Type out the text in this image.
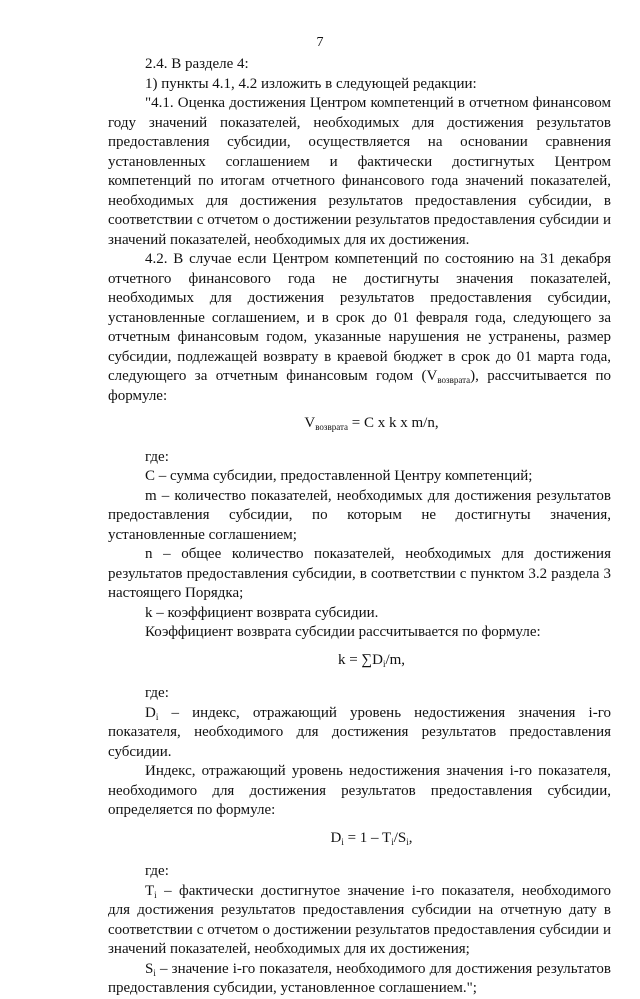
7

2.4. В разделе 4:

1) пункты 4.1, 4.2 изложить в следующей редакции:

"4.1. Оценка достижения Центром компетенций в отчетном финансовом году значений показателей, необходимых для достижения результатов предоставления субсидии, осуществляется на основании сравнения установленных соглашением и фактически достигнутых Центром компетенций по итогам отчетного финансового года значений показателей, необходимых для достижения результатов предоставления субсидии, в соответствии с отчетом о достижении результатов предоставления субсидии и значений показателей, необходимых для их достижения.

4.2. В случае если Центром компетенций по состоянию на 31 декабря отчетного финансового года не достигнуты значения показателей, необходимых для достижения результатов предоставления субсидии, установленные соглашением, и в срок до 01 февраля года, следующего за отчетным финансовым годом, указанные нарушения не устранены, размер субсидии, подлежащей возврату в краевой бюджет в срок до 01 марта года, следующего за отчетным финансовым годом $(V_{возврата})$, рассчитывается по формуле:

$V_{возврата} = C$ x k x m/n,

где:

C – сумма субсидии, предоставленной Центру компетенций;

m – количество показателей, необходимых для достижения результатов предоставления субсидии, по которым не достигнуты значения, установленные соглашением;

n – общее количество показателей, необходимых для достижения результатов предоставления субсидии, в соответствии с пунктом 3.2 раздела 3 настоящего Порядка;

k – коэффициент возврата субсидии.

Коэффициент возврата субсидии рассчитывается по формуле:

$k = \sum D_i/m$,

где:

$D_i$ – индекс, отражающий уровень недостижения значения i-го показателя, необходимого для достижения результатов предоставления субсидии.

Индекс, отражающий уровень недостижения значения i-го показателя, необходимого для достижения результатов предоставления субсидии, определяется по формуле:

$D_i = 1 - T_i/S_i$,

где:

$T_i$ – фактически достигнутое значение i-го показателя, необходимого для достижения результатов предоставления субсидии на отчетную дату в соответствии с отчетом о достижении результатов предоставления субсидии и значений показателей, необходимых для их достижения;

$S_i$ – значение i-го показателя, необходимого для достижения результатов предоставления субсидии, установленное соглашением.";
